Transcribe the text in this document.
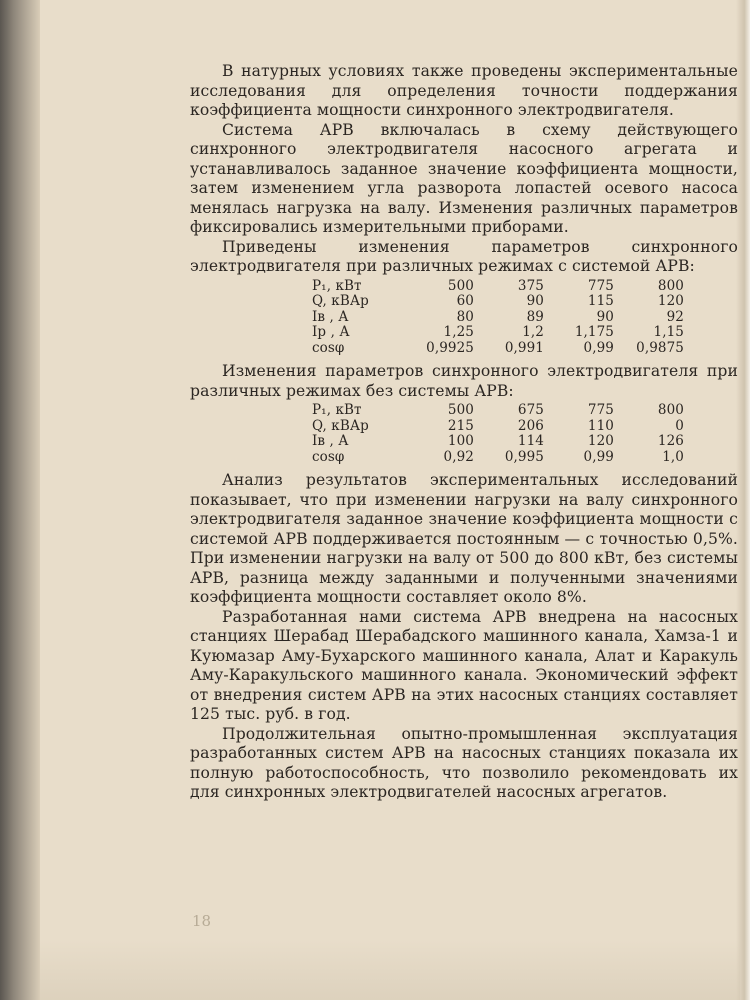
В натурных условиях также проведены экспериментальные исследования для определения точности поддержания коэффициента мощности синхронного электродвигателя.

Система АРВ включалась в схему действующего синхронного электродвигателя насосного агрегата и устанавливалось заданное значение коэффициента мощности, затем изменением угла разворота лопастей осевого насоса менялась нагрузка на валу. Изменения различных параметров фиксировались измерительными приборами.

Приведены изменения параметров синхронного электродвигателя при различных режимах с системой АРВ:

P₁, кВт	500	375	775	800
Q, кВАр	60	90	115	120
Iв , А	80	89	90	92
Iр , А	1,25	1,2	1,175	1,15
cosφ	0,9925	0,991	0,99	0,9875

Изменения параметров синхронного электродвигателя при различных режимах без системы АРВ:

P₁, кВт	500	675	775	800
Q, кВАр	215	206	110	0
Iв , А	100	114	120	126
cosφ	0,92	0,995	0,99	1,0

Анализ результатов экспериментальных исследований показывает, что при изменении нагрузки на валу синхронного электродвигателя заданное значение коэффициента мощности с системой АРВ поддерживается постоянным — с точностью 0,5%. При изменении нагрузки на валу от 500 до 800 кВт, без системы АРВ, разница между заданными и полученными значениями коэффициента мощности составляет около 8%.

Разработанная нами система АРВ внедрена на насосных станциях Шерабад Шерабадского машинного канала, Хамза-1 и Куюмазар Аму-Бухарского машинного канала, Алат и Каракуль Аму-Каракульского машинного канала. Экономический эффект от внедрения систем АРВ на этих насосных станциях составляет 125 тыс. руб. в год.

Продолжительная опытно-промышленная эксплуатация разработанных систем АРВ на насосных станциях показала их полную работоспособность, что позволило рекомендовать их для синхронных электродвигателей насосных агрегатов.

18
